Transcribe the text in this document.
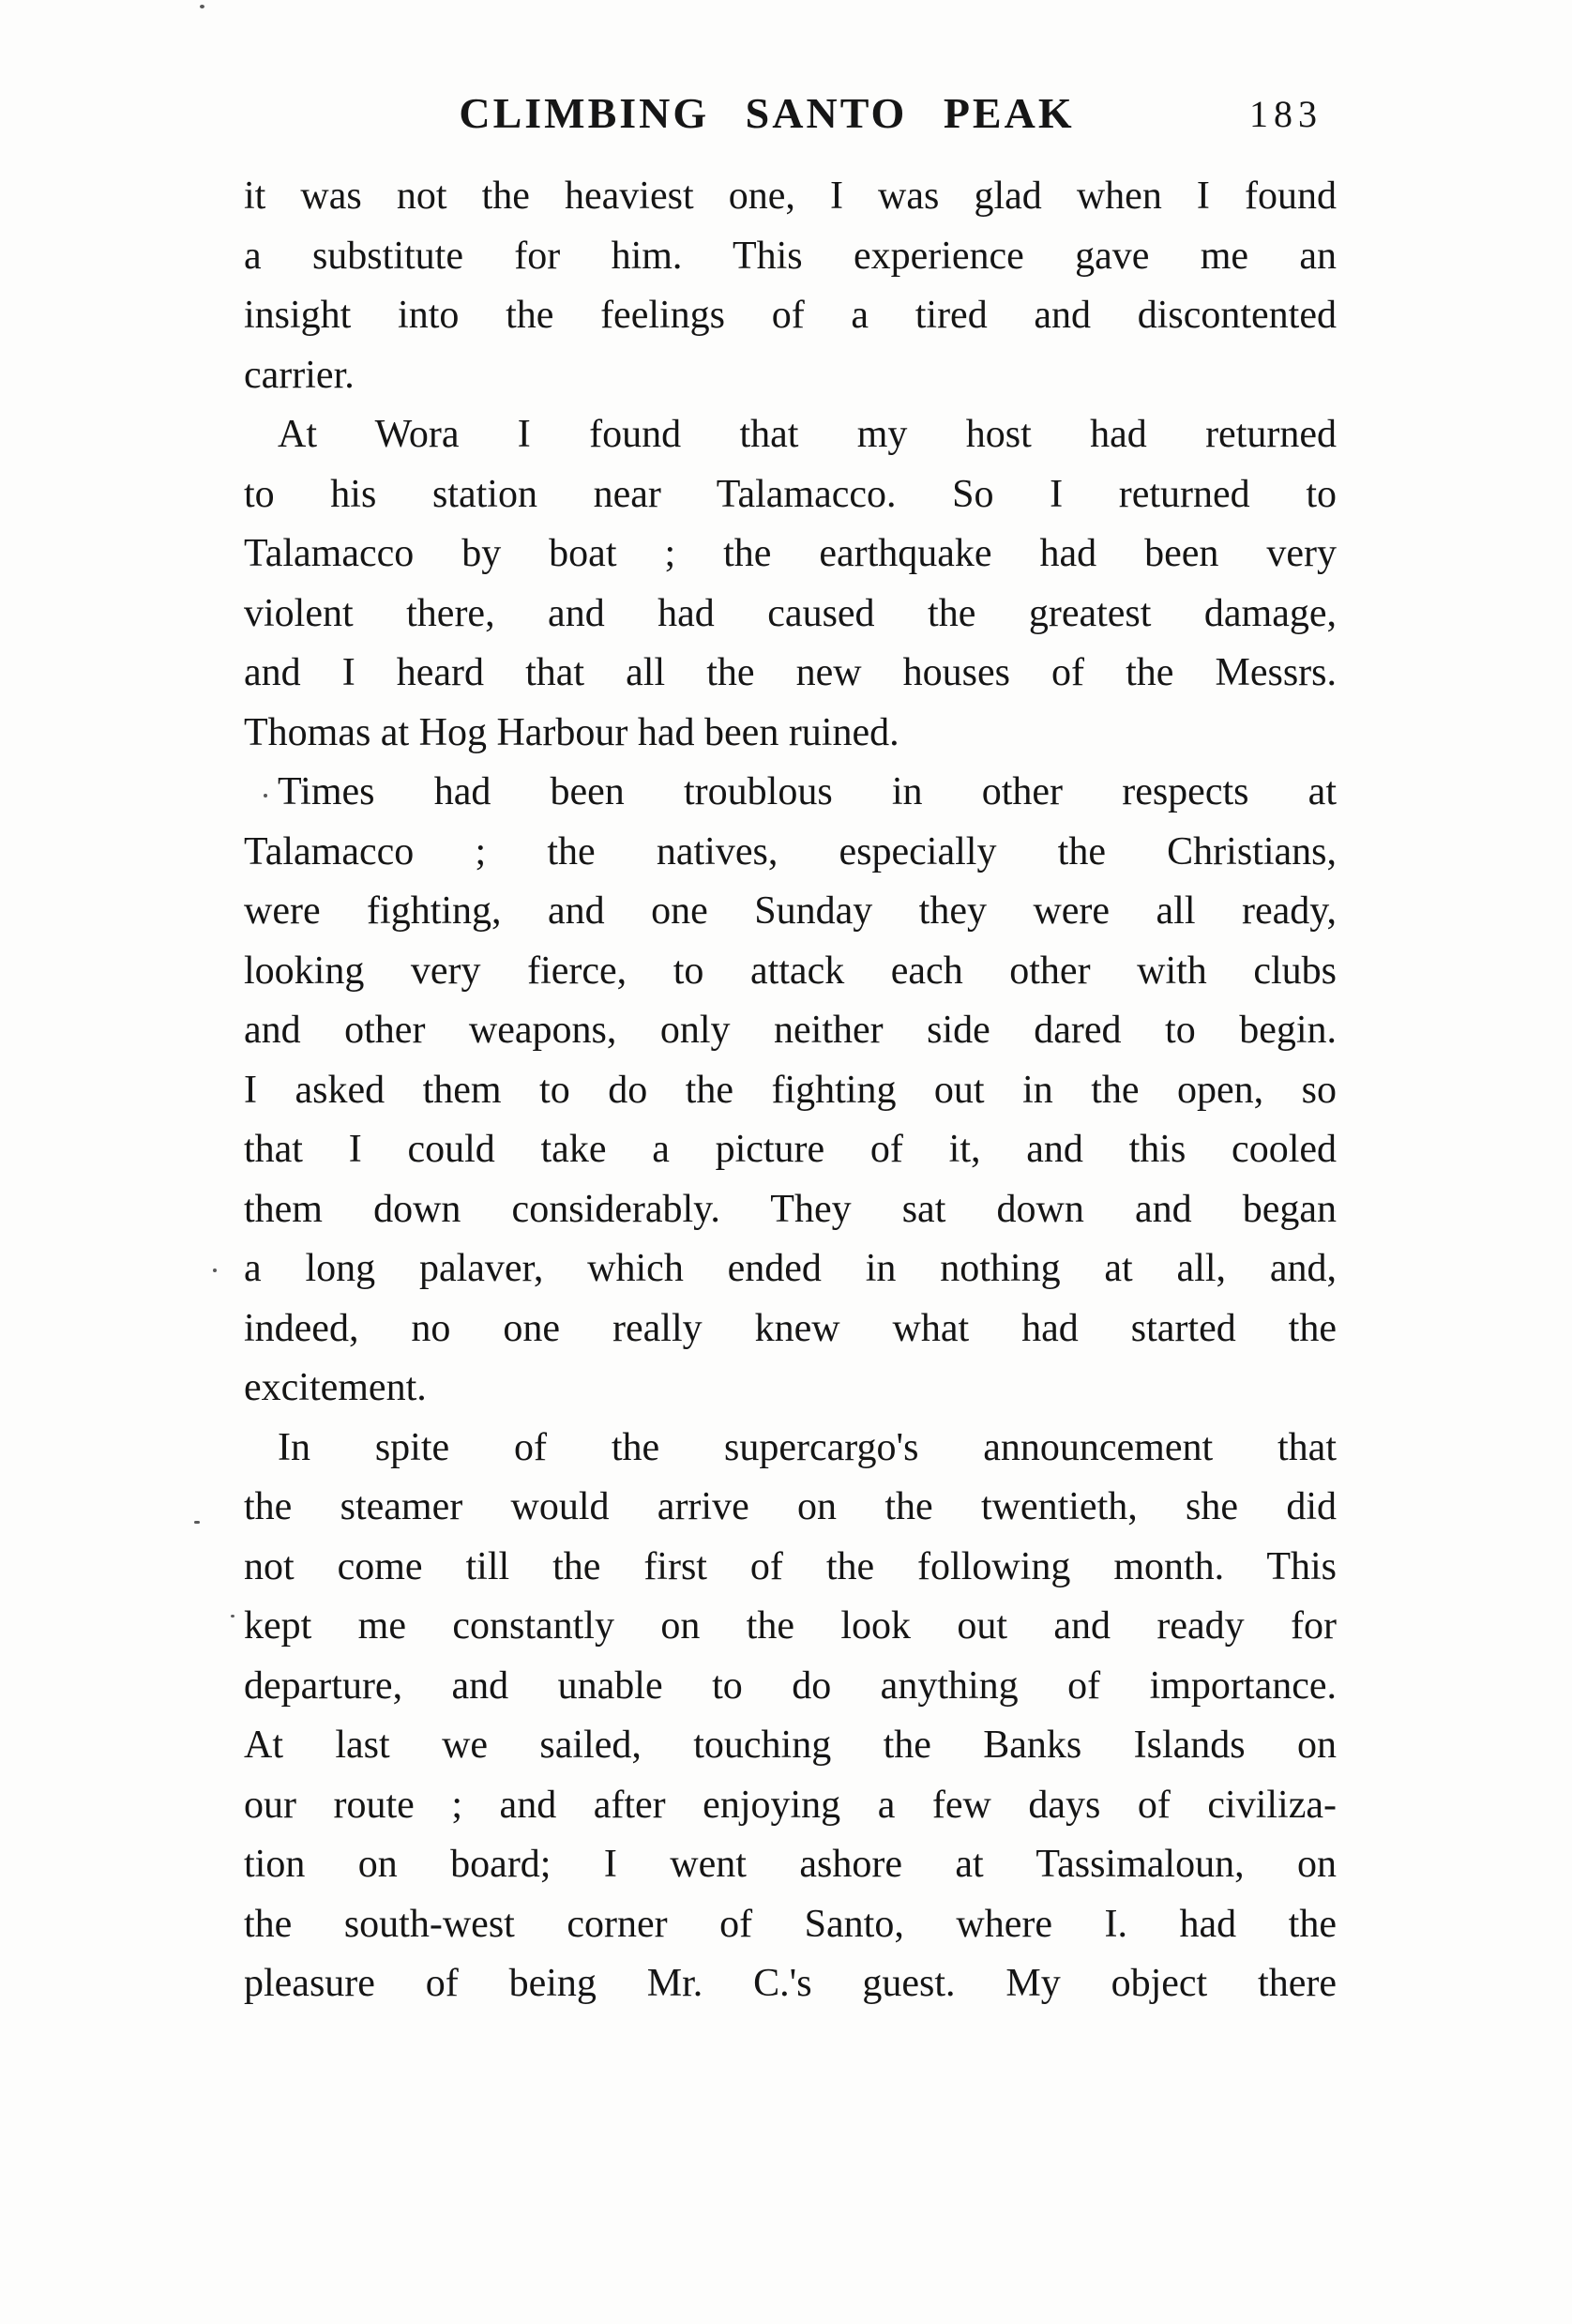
CLIMBING SANTO PEAK	183
it was not the heaviest one, I was glad when I found
a substitute for him. This experience gave me an
insight into the feelings of a tired and discontented
carrier.
At Wora I found that my host had returned
to his station near Talamacco. So I returned to
Talamacco by boat ; the earthquake had been very
violent there, and had caused the greatest damage,
and I heard that all the new houses of the Messrs.
Thomas at Hog Harbour had been ruined.
Times had been troublous in other respects at
Talamacco ; the natives, especially the Christians,
were fighting, and one Sunday they were all ready,
looking very fierce, to attack each other with clubs
and other weapons, only neither side dared to begin.
I asked them to do the fighting out in the open, so
that I could take a picture of it, and this cooled
them down considerably. They sat down and began
a long palaver, which ended in nothing at all, and,
indeed, no one really knew what had started the
excitement.
In spite of the supercargo's announcement that
the steamer would arrive on the twentieth, she did
not come till the first of the following month. This
kept me constantly on the look out and ready for
departure, and unable to do anything of importance.
At last we sailed, touching the Banks Islands on
our route ; and after enjoying a few days of civiliza-
tion on board; I went ashore at Tassimaloun, on
the south-west corner of Santo, where I. had the
pleasure of being Mr. C.'s guest. My object there
